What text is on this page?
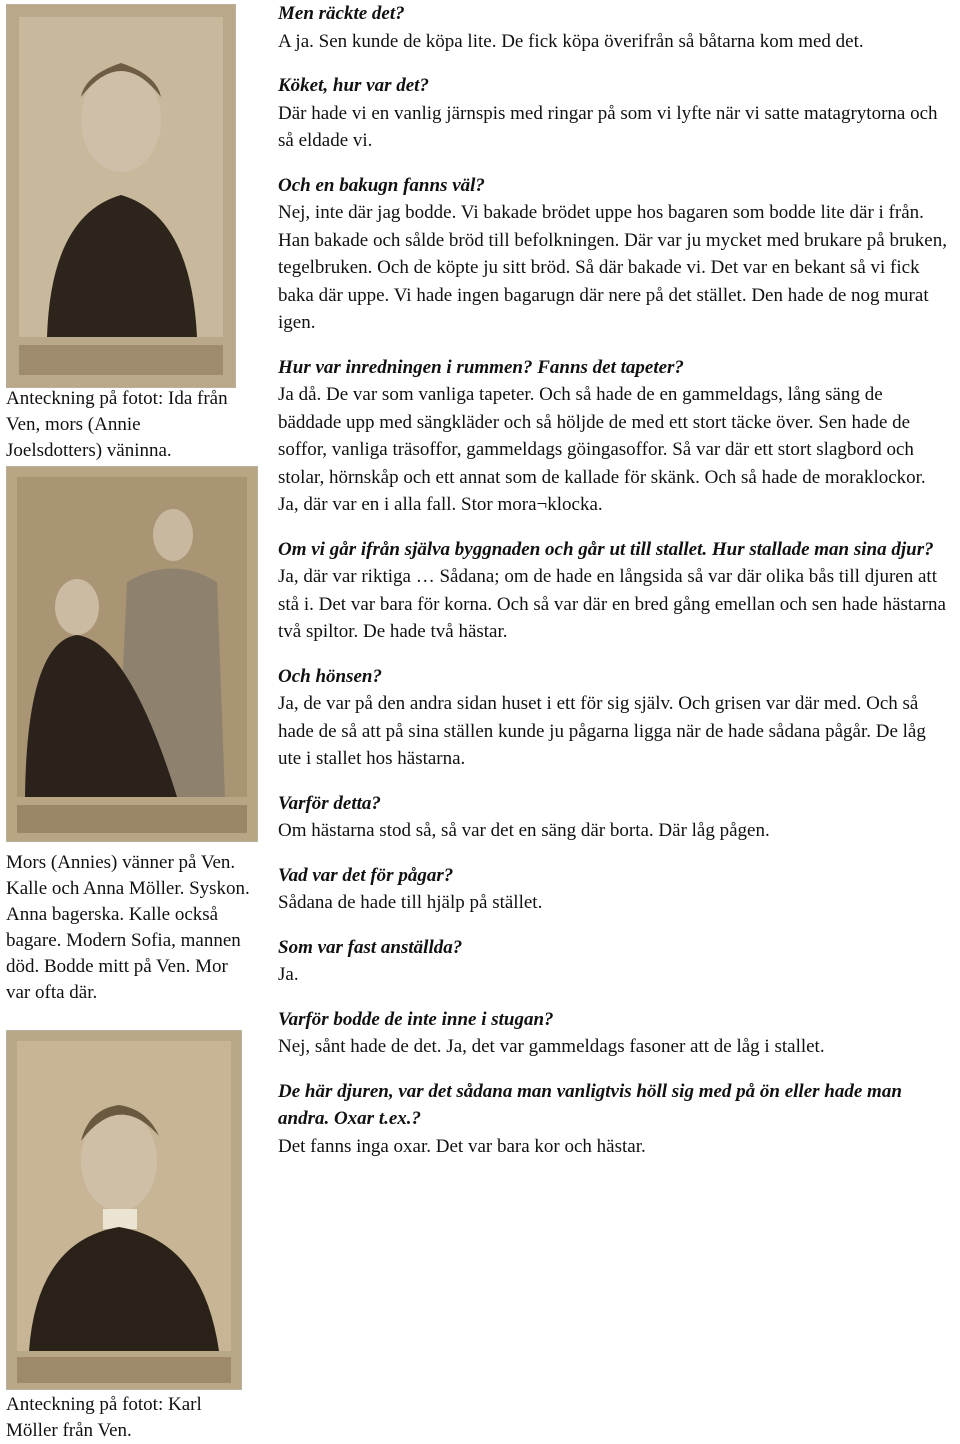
Anteckning på fotot: Ida från Ven, mors (Annie Joelsdotters) väninna.
Mors (Annies) vänner på Ven. Kalle och Anna Möller. Syskon. Anna bagerska. Kalle också bagare. Modern Sofia, mannen död. Bodde mitt på Ven. Mor var ofta där.
Anteckning på fotot: Karl Möller från Ven.
Men räckte det?
A ja. Sen kunde de köpa lite. De fick köpa överifrån så båtarna kom med det.
Köket, hur var det?
Där hade vi en vanlig järnspis med ringar på som vi lyfte när vi satte matagrytorna och så eldade vi.
Och en bakugn fanns väl?
Nej, inte där jag bodde. Vi bakade brödet uppe hos bagaren som bodde lite där i från. Han bakade och sålde bröd till befolkningen. Där var ju mycket med brukare på bruken, tegelbruken. Och de köpte ju sitt bröd. Så där bakade vi. Det var en bekant så vi fick baka där uppe. Vi hade ingen bagarugn där nere på det stället. Den hade de nog murat igen.
Hur var inredningen i rummen? Fanns det tapeter?
Ja då. De var som vanliga tapeter. Och så hade de en gammeldags, lång säng de bäddade upp med sängkläder och så höljde de med ett stort täcke över. Sen hade de soffor, vanliga träsoffor, gammeldags göingasoffor. Så var där ett stort slagbord och stolar, hörnskåp och ett annat som de kallade för skänk. Och så hade de moraklockor. Ja, där var en i alla fall. Stor mora¬klocka.
Om vi går ifrån själva byggnaden och går ut till stallet. Hur stallade man sina djur?
Ja, där var riktiga … Sådana; om de hade en långsida så var där olika bås till djuren att stå i. Det var bara för korna. Och så var där en bred gång emellan och sen hade hästarna två spiltor. De hade två hästar.
Och hönsen?
Ja, de var på den andra sidan huset i ett för sig själv. Och grisen var där med. Och så hade de så att på sina ställen kunde ju pågarna ligga när de hade sådana pågår. De låg ute i stallet hos hästarna.
Varför detta?
Om hästarna stod så, så var det en säng där borta. Där låg pågen.
Vad var det för pågar?
Sådana de hade till hjälp på stället.
Som var fast anställda?
Ja.
Varför bodde de inte inne i stugan?
Nej, sånt hade de det. Ja, det var gammeldags fasoner att de låg i stallet.
De här djuren, var det sådana man vanligtvis höll sig med på ön eller hade man andra. Oxar t.ex.?
Det fanns inga oxar. Det var bara kor och hästar.
